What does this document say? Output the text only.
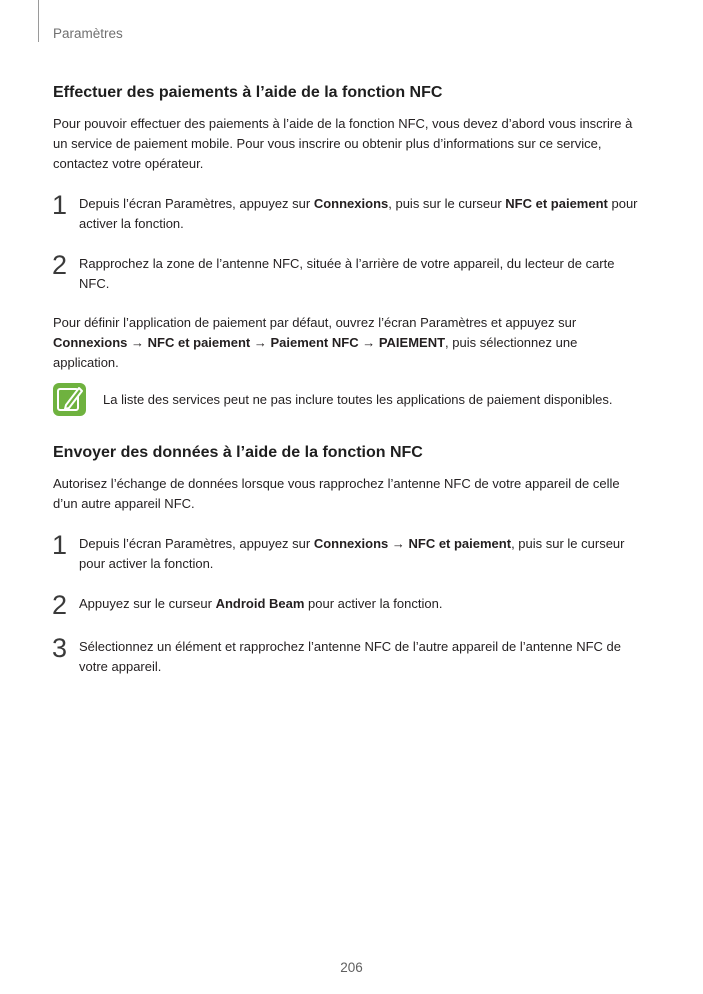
Paramètres
Effectuer des paiements à l’aide de la fonction NFC

Pour pouvoir effectuer des paiements à l’aide de la fonction NFC, vous devez d’abord vous inscrire à un service de paiement mobile. Pour vous inscrire ou obtenir plus d’informations sur ce service, contactez votre opérateur.

1 Depuis l’écran Paramètres, appuyez sur Connexions, puis sur le curseur NFC et paiement pour activer la fonction.
2 Rapprochez la zone de l’antenne NFC, située à l’arrière de votre appareil, du lecteur de carte NFC.

Pour définir l’application de paiement par défaut, ouvrez l’écran Paramètres et appuyez sur Connexions → NFC et paiement → Paiement NFC → PAIEMENT, puis sélectionnez une application.

La liste des services peut ne pas inclure toutes les applications de paiement disponibles.
Envoyer des données à l’aide de la fonction NFC

Autorisez l’échange de données lorsque vous rapprochez l’antenne NFC de votre appareil de celle d’un autre appareil NFC.

1 Depuis l’écran Paramètres, appuyez sur Connexions → NFC et paiement, puis sur le curseur pour activer la fonction.
2 Appuyez sur le curseur Android Beam pour activer la fonction.
3 Sélectionnez un élément et rapprochez l’antenne NFC de l’autre appareil de l’antenne NFC de votre appareil.
206
